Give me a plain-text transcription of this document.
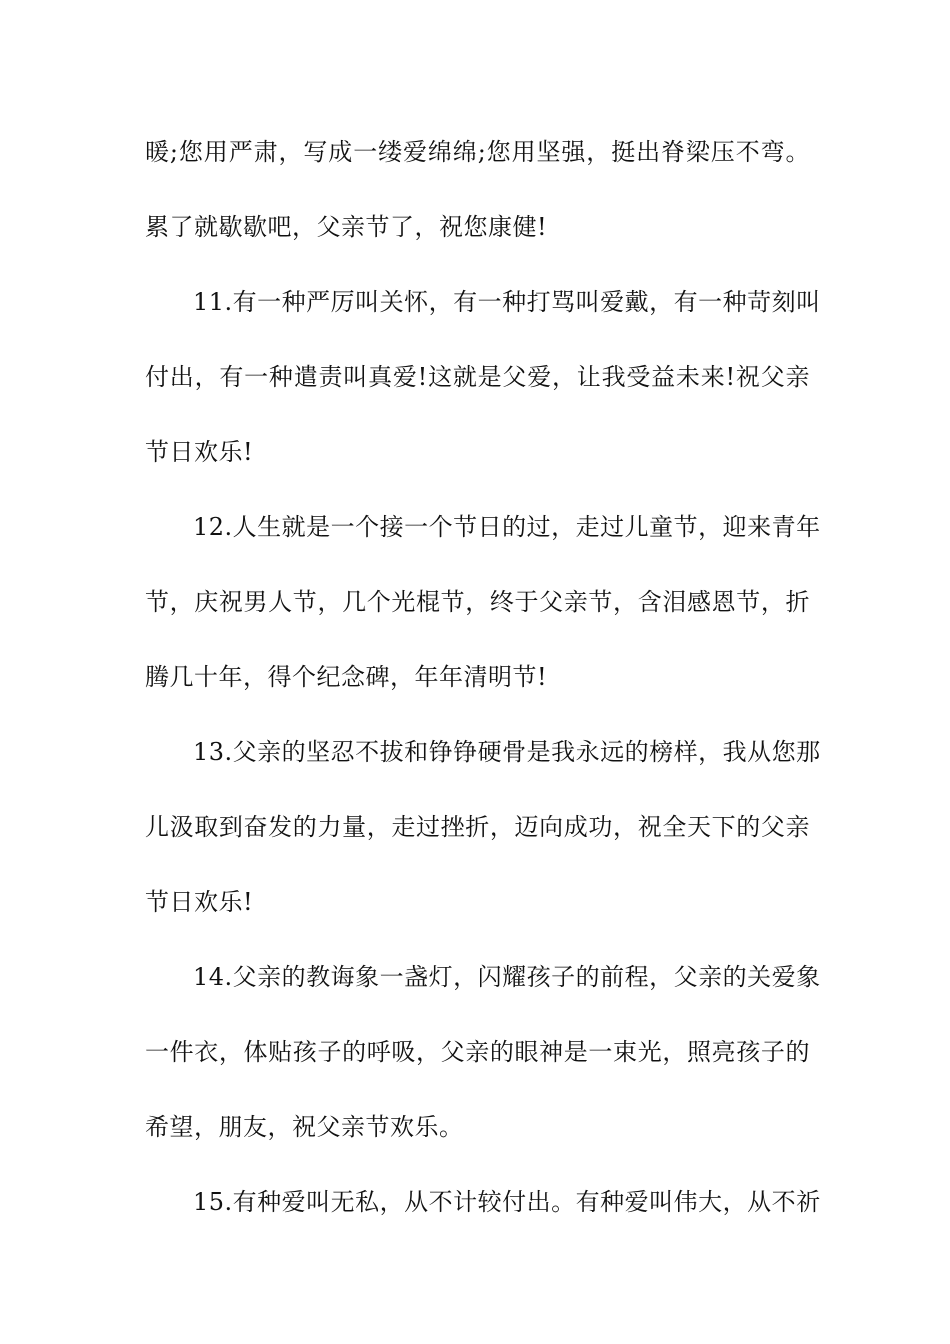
暖;您用严肃，写成一缕爱绵绵;您用坚强，挺出脊梁压不弯。
累了就歇歇吧，父亲节了，祝您康健!
11.有一种严厉叫关怀，有一种打骂叫爱戴，有一种苛刻叫
付出，有一种遣责叫真爱!这就是父爱，让我受益未来!祝父亲
节日欢乐!
12.人生就是一个接一个节日的过，走过儿童节，迎来青年
节，庆祝男人节，几个光棍节，终于父亲节，含泪感恩节，折
腾几十年，得个纪念碑，年年清明节!
13.父亲的坚忍不拔和铮铮硬骨是我永远的榜样，我从您那
儿汲取到奋发的力量，走过挫折，迈向成功，祝全天下的父亲
节日欢乐!
14.父亲的教诲象一盏灯，闪耀孩子的前程，父亲的关爱象
一件衣，体贴孩子的呼吸，父亲的眼神是一束光，照亮孩子的
希望，朋友，祝父亲节欢乐。
15.有种爱叫无私，从不计较付出。有种爱叫伟大，从不祈
